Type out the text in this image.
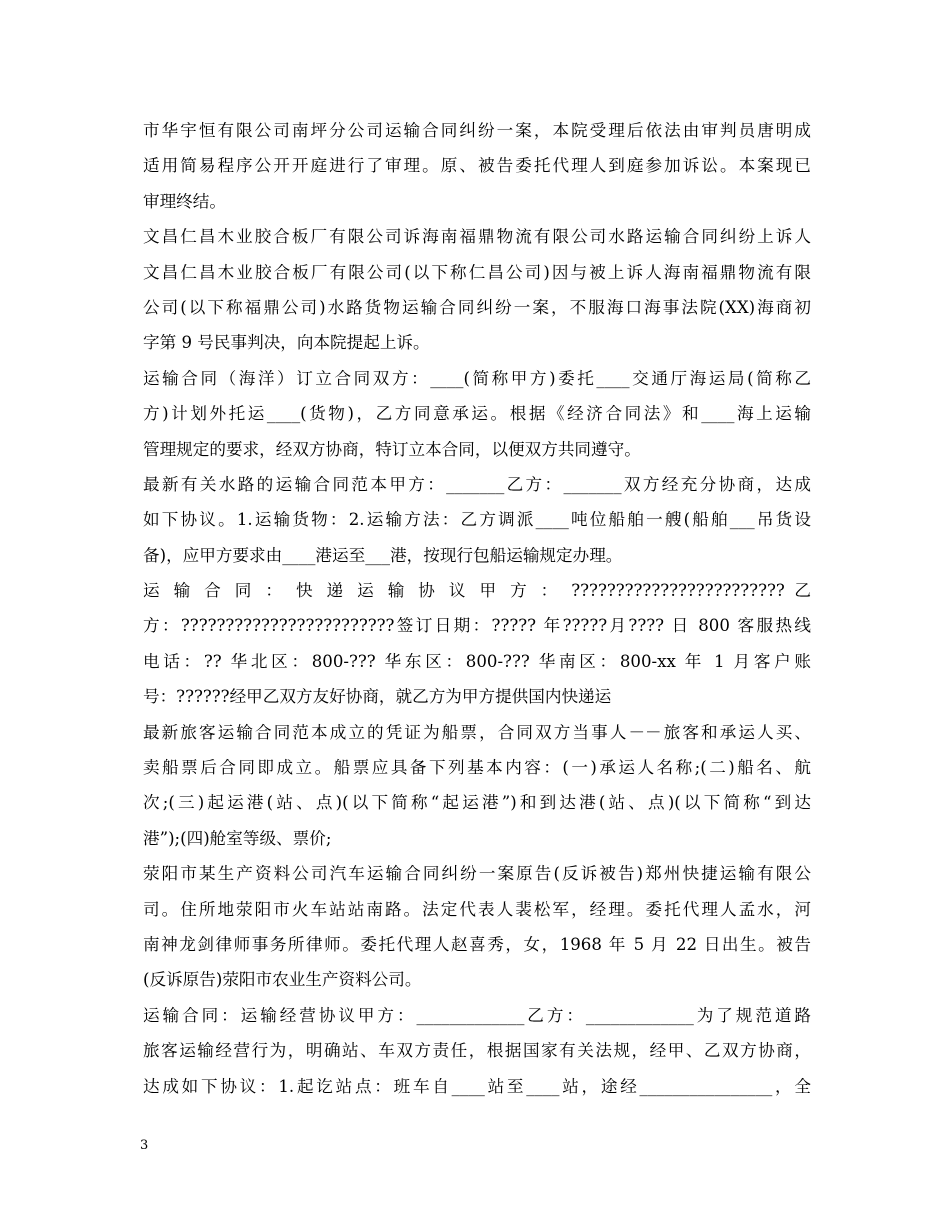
市华宇恒有限公司南坪分公司运输合同纠纷一案，本院受理后依法由审判员唐明成
适用简易程序公开开庭进行了审理。原、被告委托代理人到庭参加诉讼。本案现已
审理终结。
文昌仁昌木业胶合板厂有限公司诉海南福鼎物流有限公司水路运输合同纠纷上诉人
文昌仁昌木业胶合板厂有限公司(以下称仁昌公司)因与被上诉人海南福鼎物流有限
公司(以下称福鼎公司)水路货物运输合同纠纷一案，不服海口海事法院(XX)海商初
字第 9 号民事判决，向本院提起上诉。
运输合同（海洋）订立合同双方：____(简称甲方)委托____交通厅海运局(简称乙
方)计划外托运____(货物)，乙方同意承运。根据《经济合同法》和____海上运输
管理规定的要求，经双方协商，特订立本合同，以便双方共同遵守。
最新有关水路的运输合同范本甲方：_______乙方：_______双方经充分协商，达成
如下协议。1.运输货物：2.运输方法：乙方调派____吨位船舶一艘(船舶___吊货设
备)，应甲方要求由____港运至___港，按现行包船运输规定办理。
运 输 合 同 ： 快 递 运 输 协 议 甲 方 ： ???????????????????????? 乙
方：????????????????????????签订日期：????? 年?????月???? 日 800 客服热线
电话：?? 华北区：800-??? 华东区：800-??? 华南区：800-xx 年 1 月客户账
号：??????经甲乙双方友好协商，就乙方为甲方提供国内快递运
最新旅客运输合同范本成立的凭证为船票，合同双方当事人－－旅客和承运人买、
卖船票后合同即成立。船票应具备下列基本内容：(一)承运人名称;(二)船名、航
次;(三)起运港(站、点)(以下简称“起运港”)和到达港(站、点)(以下简称“到达
港”);(四)舱室等级、票价;
荥阳市某生产资料公司汽车运输合同纠纷一案原告(反诉被告)郑州快捷运输有限公
司。住所地荥阳市火车站站南路。法定代表人裴松军，经理。委托代理人孟水，河
南神龙剑律师事务所律师。委托代理人赵喜秀，女，1968 年 5 月 22 日出生。被告
(反诉原告)荥阳市农业生产资料公司。
运输合同：运输经营协议甲方：_____________乙方：_____________为了规范道路
旅客运输经营行为，明确站、车双方责任，根据国家有关法规，经甲、乙双方协商，
达成如下协议：1.起讫站点：班车自____站至____站，途经________________，全
3
